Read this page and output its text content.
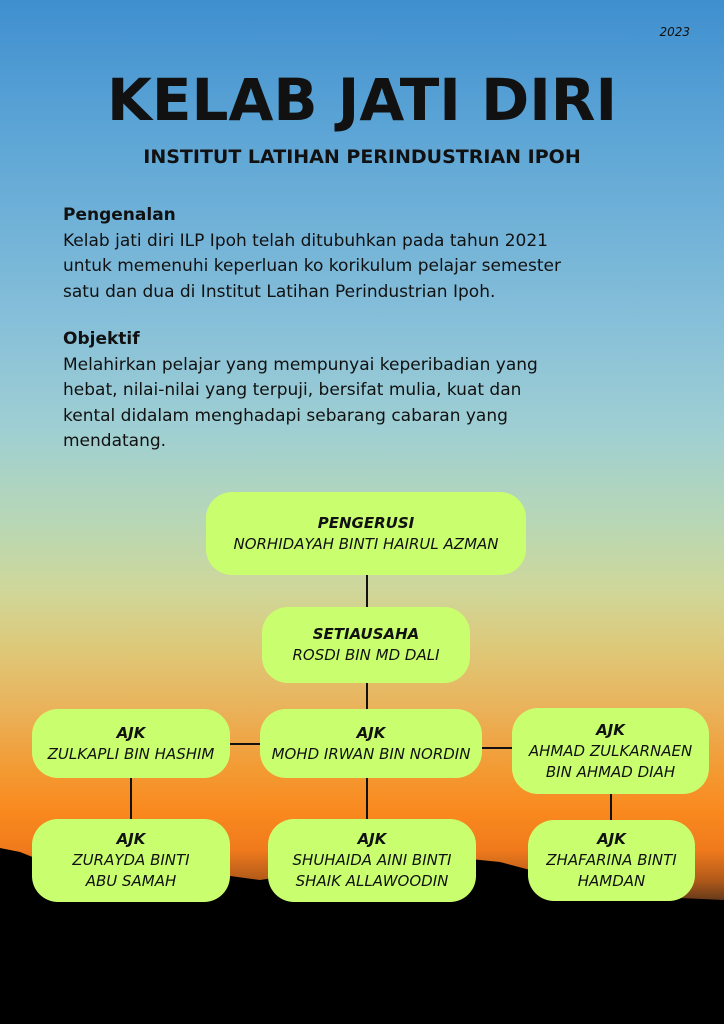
2023
KELAB JATI DIRI
INSTITUT LATIHAN PERINDUSTRIAN IPOH
Pengenalan
Kelab jati diri ILP Ipoh telah ditubuhkan pada tahun 2021
untuk memenuhi keperluan ko korikulum pelajar semester
satu dan dua di Institut Latihan Perindustrian Ipoh.
Objektif
Melahirkan pelajar yang mempunyai keperibadian yang
hebat, nilai-nilai yang terpuji, bersifat mulia, kuat dan
kental didalam menghadapi sebarang cabaran yang
mendatang.
PENGERUSI
NORHIDAYAH BINTI HAIRUL AZMAN
SETIAUSAHA
ROSDI BIN MD DALI
AJK
ZULKAPLI BIN HASHIM
AJK
MOHD IRWAN BIN NORDIN
AJK
AHMAD ZULKARNAEN
BIN AHMAD DIAH
AJK
ZURAYDA BINTI
ABU SAMAH
AJK
SHUHAIDA AINI BINTI
SHAIK ALLAWOODIN
AJK
ZHAFARINA BINTI
HAMDAN
